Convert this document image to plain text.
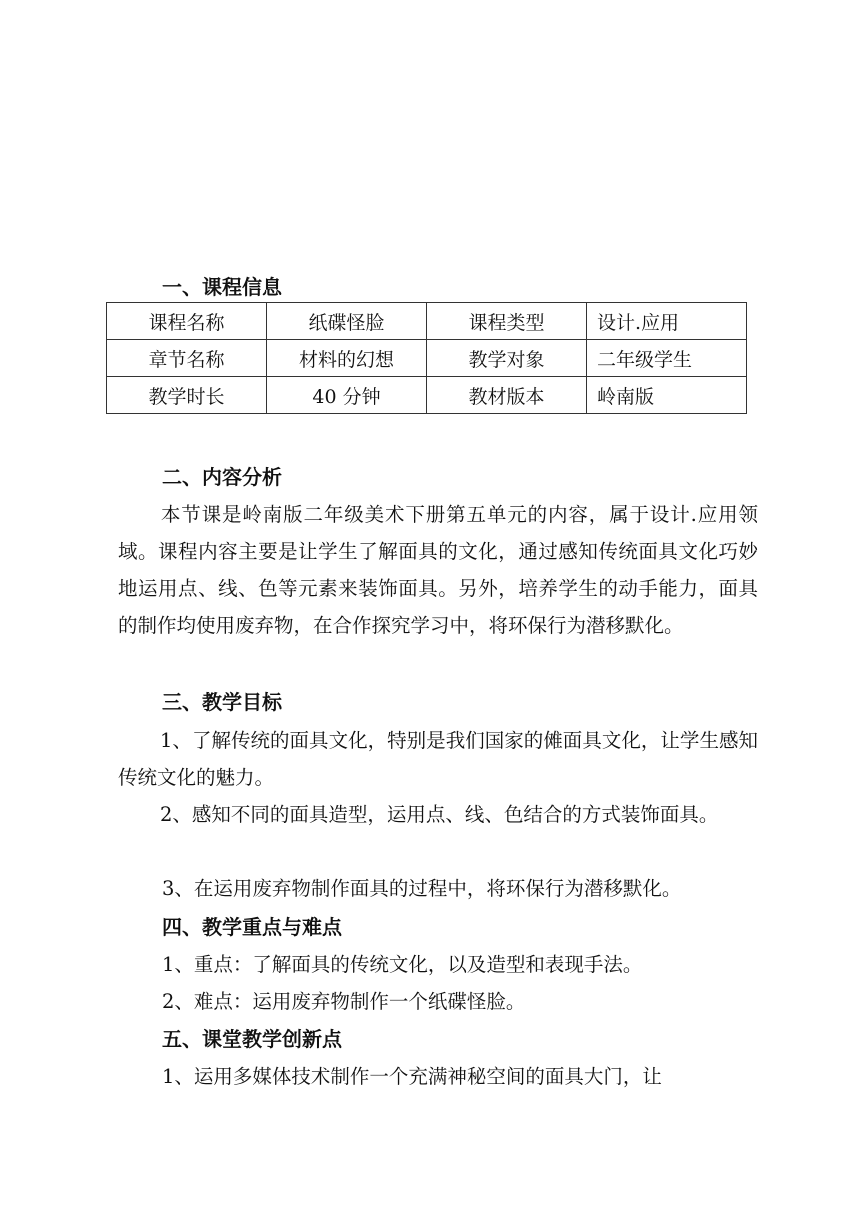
一、课程信息
课程名称	纸碟怪脸	课程类型	设计.应用
章节名称	材料的幻想	教学对象	二年级学生
教学时长	40 分钟	教材版本	岭南版
二、内容分析

本节课是岭南版二年级美术下册第五单元的内容，属于设计.应用领域。课程内容主要是让学生了解面具的文化，通过感知传统面具文化巧妙地运用点、线、色等元素来装饰面具。另外，培养学生的动手能力，面具的制作均使用废弃物，在合作探究学习中，将环保行为潜移默化。

三、教学目标

1、了解传统的面具文化，特别是我们国家的傩面具文化，让学生感知传统文化的魅力。

2、感知不同的面具造型，运用点、线、色结合的方式装饰面具。

3、在运用废弃物制作面具的过程中，将环保行为潜移默化。

四、教学重点与难点

1、重点：了解面具的传统文化，以及造型和表现手法。

2、难点：运用废弃物制作一个纸碟怪脸。

五、课堂教学创新点

1、运用多媒体技术制作一个充满神秘空间的面具大门，让
